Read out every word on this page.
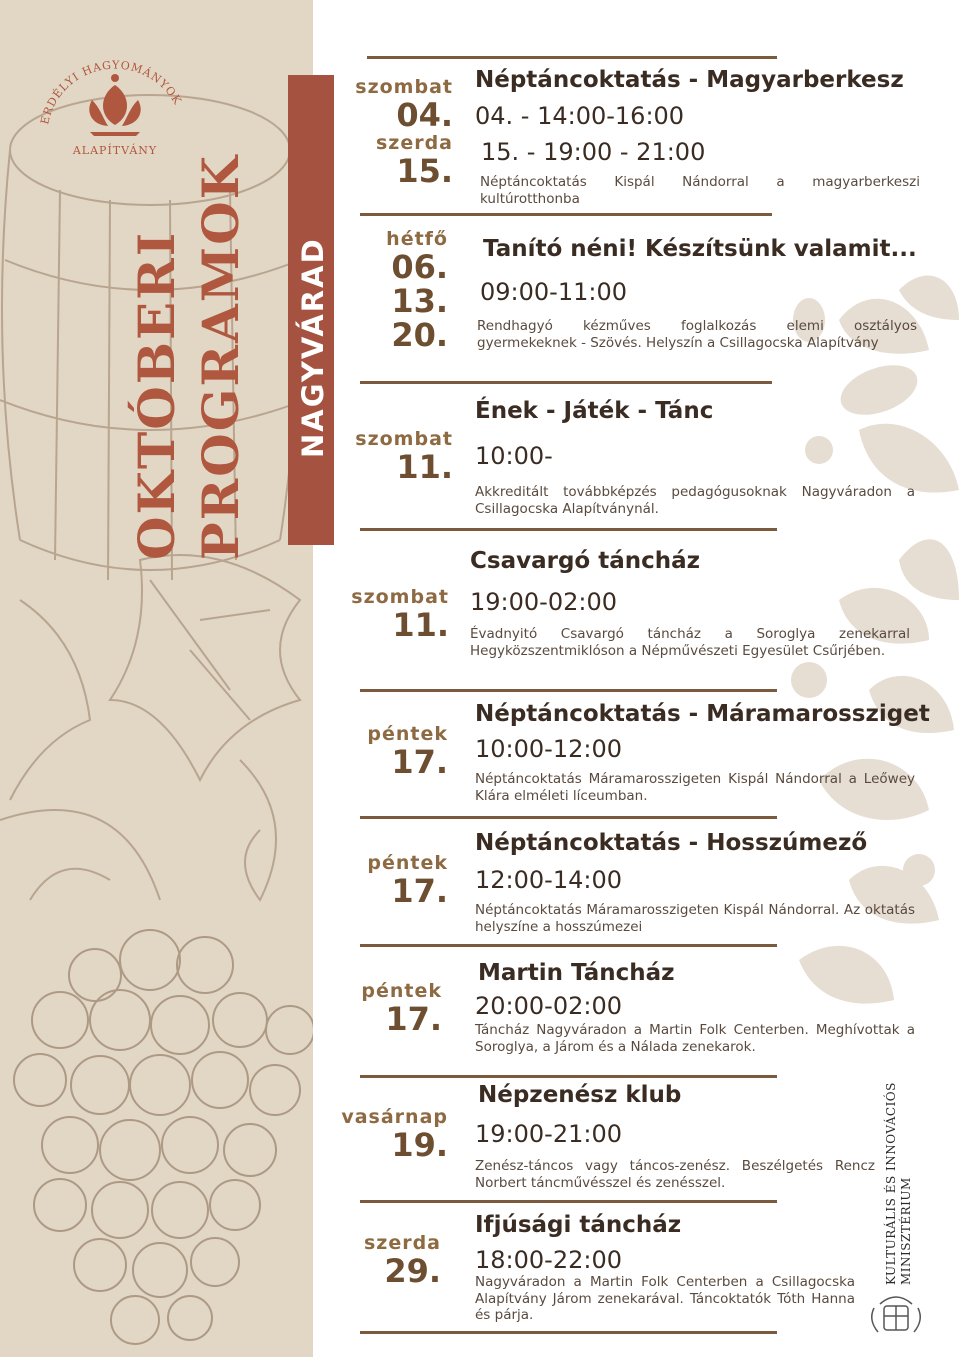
ERDÉLYI HAGYOMÁNYOK
ALAPÍTVÁNY
OKTÓBERI PROGRAMOK NAGYVÁRAD
KULTURÁLIS ÉS INNOVÁCIÓS MINISZTÉRIUM
szombat
04.
szerda
15.
Néptáncoktatás - Magyarberkesz
04. - 14:00-16:00
15. - 19:00 - 21:00
Néptáncoktatás Kispál Nándorral a magyarberkeszi kultúrotthonba
hétfő
06.
13.
20.
Tanító néni! Készítsünk valamit...
09:00-11:00
Rendhagyó kézműves foglalkozás elemi osztályos gyermekeknek - Szövés. Helyszín a Csillagocska Alapítvány
szombat
11.
Ének - Játék - Tánc
10:00-
Akkreditált továbbképzés pedagógusoknak Nagyváradon a Csillagocska Alapítványnál.
szombat
11.
Csavargó táncház
19:00-02:00
Évadnyitó Csavargó táncház a Soroglya zenekarral Hegyközszentmiklóson a Népművészeti Egyesület Csűrjében.
péntek
17.
Néptáncoktatás - Máramarossziget
10:00-12:00
Néptáncoktatás Máramarosszigeten Kispál Nándorral a Leőwey Klára elméleti líceumban.
péntek
17.
Néptáncoktatás - Hosszúmező
12:00-14:00
Néptáncoktatás Máramarosszigeten Kispál Nándorral. Az oktatás helyszíne a hosszúmezei
péntek
17.
Martin Táncház
20:00-02:00
Táncház Nagyváradon a Martin Folk Centerben. Meghívottak a Soroglya, a Járom és a Nálada zenekarok.
vasárnap
19.
Népzenész klub
19:00-21:00
Zenész-táncos vagy táncos-zenész. Beszélgetés Rencz Norbert táncművésszel és zenésszel.
szerda
29.
Ifjúsági táncház
18:00-22:00
Nagyváradon a Martin Folk Centerben a Csillagocska Alapítvány Járom zenekarával. Táncoktatók Tóth Hanna és párja.
